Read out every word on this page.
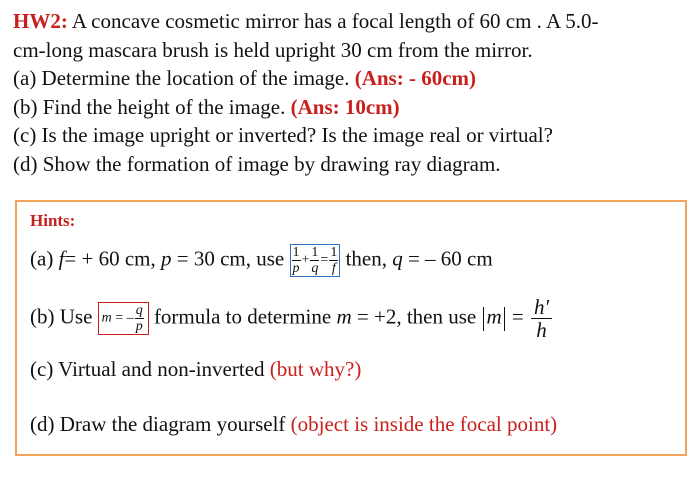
HW2: A concave cosmetic mirror has a focal length of 60 cm . A 5.0-
cm-long mascara brush is held upright 30 cm from the mirror.
(a) Determine the location of the image. (Ans: - 60cm)
(b) Find the height of the image. (Ans: 10cm)
(c) Is the image upright or inverted? Is the image real or virtual?
(d) Show the formation of image by drawing ray diagram.
Hints:
(a) f= + 60 cm, p = 30 cm, use $\frac{1}{p} + \frac{1}{q} = \frac{1}{f}$ then, q = – 60 cm
(b) Use m = – $\frac{q}{p}$ formula to determine m = +2, then use $m = \frac{h'}{h}$
(c) Virtual and non-inverted (but why?)
(d) Draw the diagram yourself (object is inside the focal point)
